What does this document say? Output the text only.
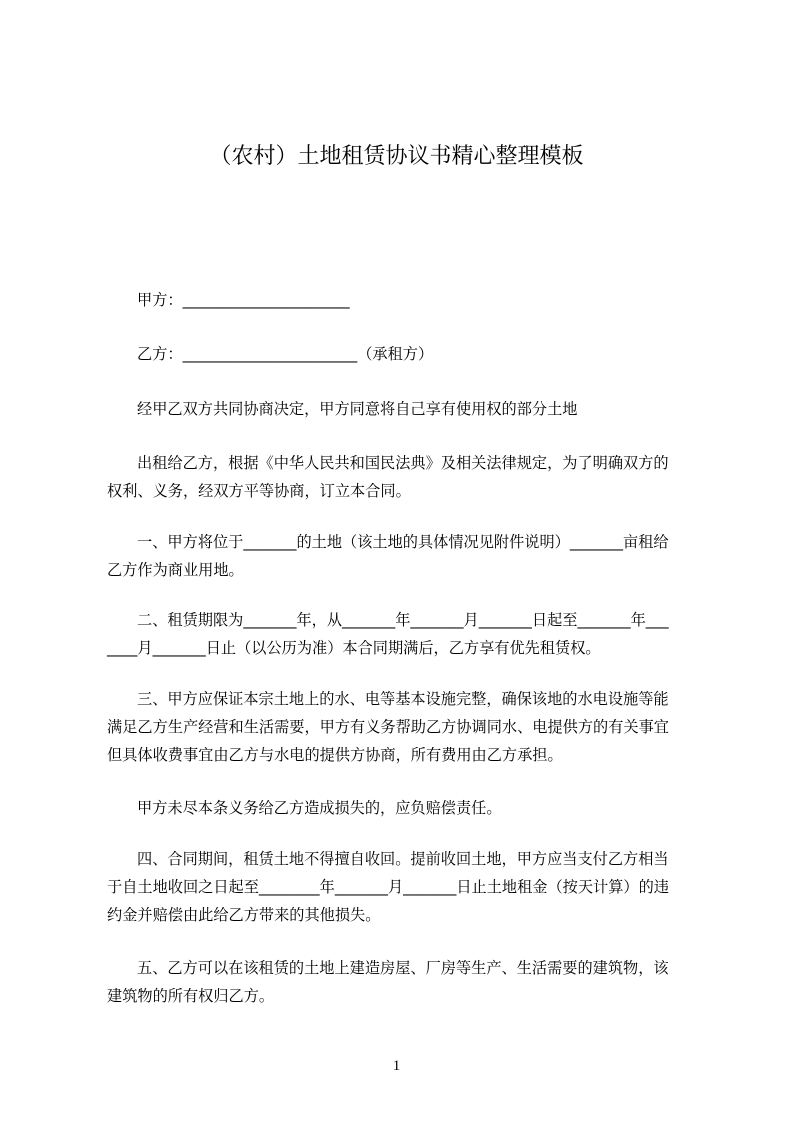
（农村）土地租赁协议书精心整理模板

甲方：______________________

乙方：_______________________（承租方）

经甲乙双方共同协商决定，甲方同意将自己享有使用权的部分土地

出租给乙方，根据《中华人民共和国民法典》及相关法律规定，为了明确双方的

权利、义务，经双方平等协商，订立本合同。

一、甲方将位于_______的土地（该土地的具体情况见附件说明）_______亩租给

乙方作为商业用地。

二、租赁期限为_______年，从_______年_______月_______日起至_______年___

____月_______日止（以公历为准）本合同期满后，乙方享有优先租赁权。

三、甲方应保证本宗土地上的水、电等基本设施完整，确保该地的水电设施等能

满足乙方生产经营和生活需要，甲方有义务帮助乙方协调同水、电提供方的有关事宜

但具体收费事宜由乙方与水电的提供方协商，所有费用由乙方承担。

甲方未尽本条义务给乙方造成损失的，应负赔偿责任。

四、合同期间，租赁土地不得擅自收回。提前收回土地，甲方应当支付乙方相当

于自土地收回之日起至________年_______月_______日止土地租金（按天计算）的违

约金并赔偿由此给乙方带来的其他损失。

五、乙方可以在该租赁的土地上建造房屋、厂房等生产、生活需要的建筑物，该

建筑物的所有权归乙方。

1
